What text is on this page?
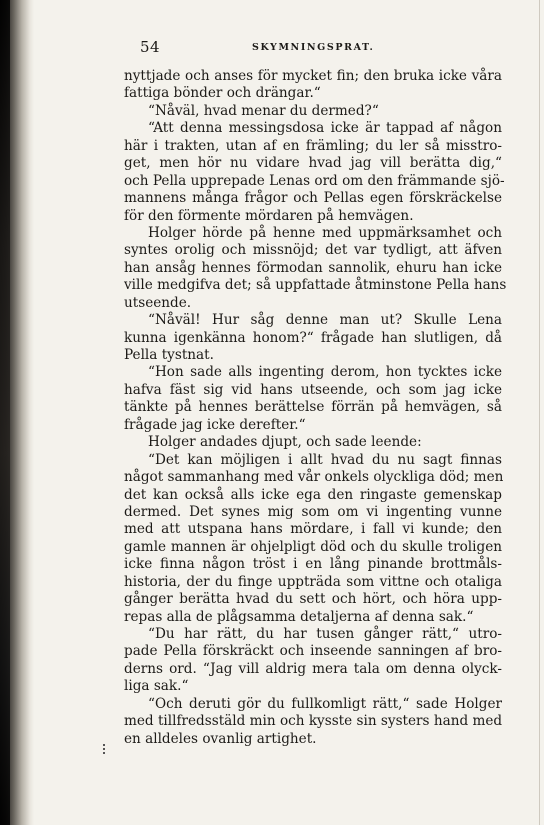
54	SKYMNINGSPRAT.
nyttjade och anses för mycket fin; den bruka icke våra
fattiga bönder och drängar.“
“Nåväl, hvad menar du dermed?“
“Att denna messingsdosa icke är tappad af någon
här i trakten, utan af en främling; du ler så misstro-
get, men hör nu vidare hvad jag vill berätta dig,“
och Pella upprepade Lenas ord om den främmande sjö-
mannens många frågor och Pellas egen förskräckelse
för den förmente mördaren på hemvägen.
Holger hörde på henne med uppmärksamhet och
syntes orolig och missnöjd; det var tydligt, att äfven
han ansåg hennes förmodan sannolik, ehuru han icke
ville medgifva det; så uppfattade åtminstone Pella hans
utseende.
“Nåväl! Hur såg denne man ut? Skulle Lena
kunna igenkänna honom?“ frågade han slutligen, då
Pella tystnat.
“Hon sade alls ingenting derom, hon tycktes icke
hafva fäst sig vid hans utseende, och som jag icke
tänkte på hennes berättelse förrän på hemvägen, så
frågade jag icke derefter.“
Holger andades djupt, och sade leende:
“Det kan möjligen i allt hvad du nu sagt finnas
något sammanhang med vår onkels olyckliga död; men
det kan också alls icke ega den ringaste gemenskap
dermed. Det synes mig som om vi ingenting vunne
med att utspana hans mördare, i fall vi kunde; den
gamle mannen är ohjelpligt död och du skulle troligen
icke finna någon tröst i en lång pinande brottmåls-
historia, der du finge uppträda som vittne och otaliga
gånger berätta hvad du sett och hört, och höra upp-
repas alla de plågsamma detaljerna af denna sak.“
“Du har rätt, du har tusen gånger rätt,“ utro-
pade Pella förskräckt och inseende sanningen af bro-
derns ord. “Jag vill aldrig mera tala om denna olyck-
liga sak.“
“Och deruti gör du fullkomligt rätt,“ sade Holger
med tillfredsstäld min och kysste sin systers hand med
en alldeles ovanlig artighet.
